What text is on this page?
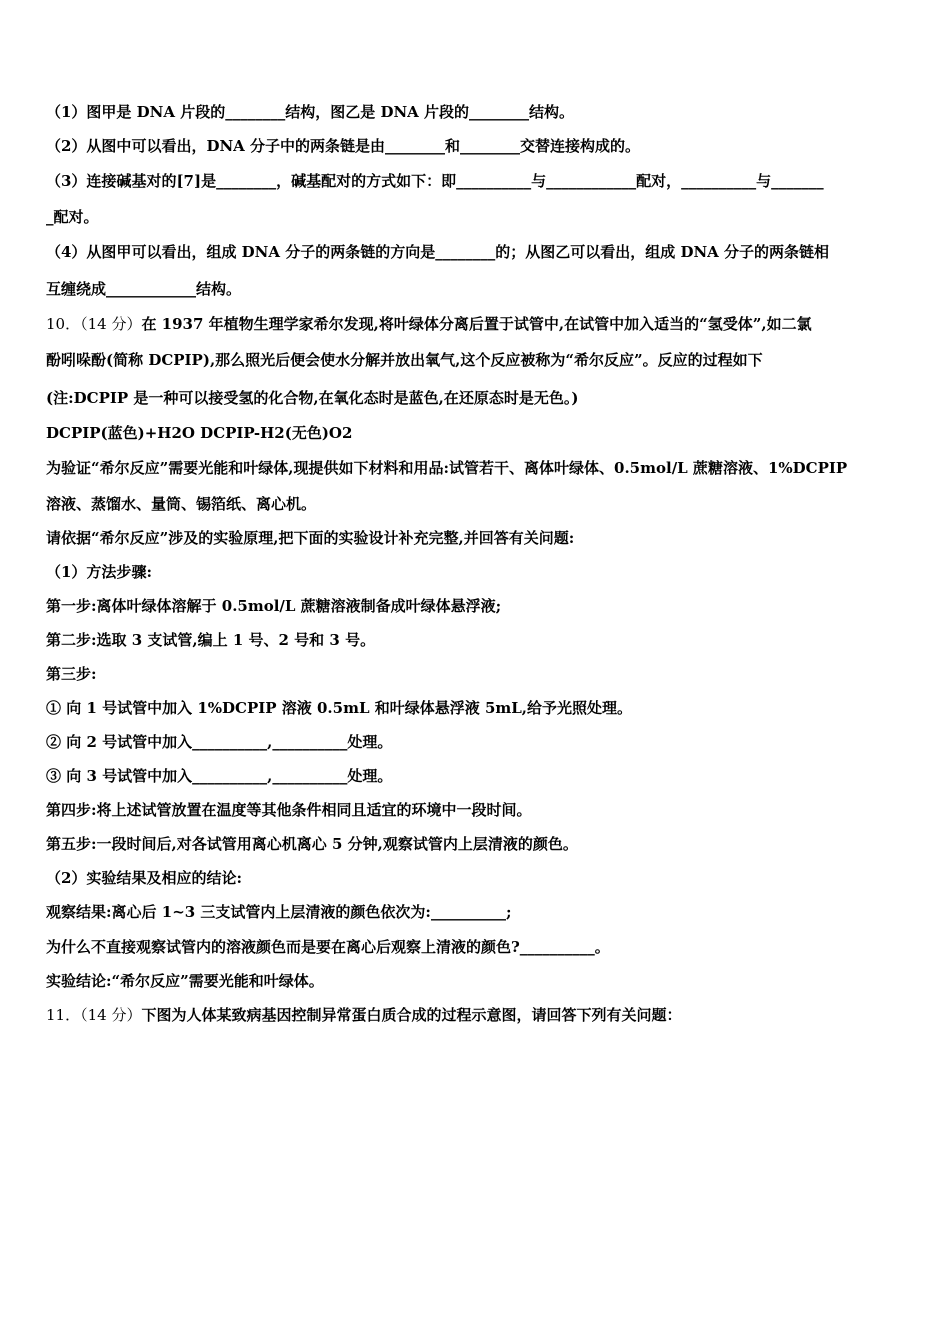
（1）图甲是 DNA 片段的________结构，图乙是 DNA 片段的________结构。
（2）从图中可以看出，DNA 分子中的两条链是由________和________交替连接构成的。
（3）连接碱基对的[7]是________，碱基配对的方式如下：即__________与____________配对，__________与_______
_配对。
（4）从图甲可以看出，组成 DNA 分子的两条链的方向是________的；从图乙可以看出，组成 DNA 分子的两条链相
互缠绕成____________结构。
10．（14 分）在 1937 年植物生理学家希尔发现,将叶绿体分离后置于试管中,在试管中加入适当的“氢受体”,如二氯
酚吲哚酚(简称 DCPIP),那么照光后便会使水分解并放出氧气,这个反应被称为“希尔反应”。反应的过程如下
(注:DCPIP 是一种可以接受氢的化合物,在氧化态时是蓝色,在还原态时是无色。)
DCPIP(蓝色)+H2O DCPIP-H2(无色)O2
为验证“希尔反应”需要光能和叶绿体,现提供如下材料和用品:试管若干、离体叶绿体、0.5mol/L 蔗糖溶液、1%DCPIP
溶液、蒸馏水、量筒、锡箔纸、离心机。
请依据“希尔反应”涉及的实验原理,把下面的实验设计补充完整,并回答有关问题:
（1）方法步骤:
第一步:离体叶绿体溶解于 0.5mol/L 蔗糖溶液制备成叶绿体悬浮液;
第二步:选取 3 支试管,编上 1 号、2 号和 3 号。
第三步:
① 向 1 号试管中加入 1%DCPIP 溶液 0.5mL 和叶绿体悬浮液 5mL,给予光照处理。
② 向 2 号试管中加入__________,__________处理。
③ 向 3 号试管中加入__________,__________处理。
第四步:将上述试管放置在温度等其他条件相同且适宜的环境中一段时间。
第五步:一段时间后,对各试管用离心机离心 5 分钟,观察试管内上层清液的颜色。
（2）实验结果及相应的结论:
观察结果:离心后 1~3 三支试管内上层清液的颜色依次为:__________;
为什么不直接观察试管内的溶液颜色而是要在离心后观察上清液的颜色?__________。
实验结论:“希尔反应”需要光能和叶绿体。
11．（14 分）下图为人体某致病基因控制异常蛋白质合成的过程示意图，请回答下列有关问题：
